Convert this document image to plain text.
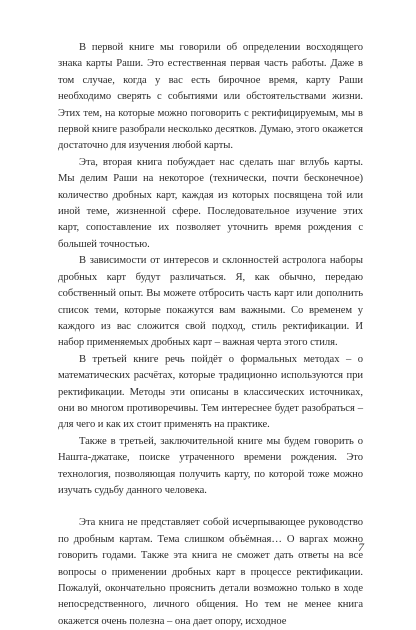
В первой книге мы говорили об определении восходящего знака карты Раши. Это естественная первая часть работы. Даже в том случае, когда у вас есть бирочное время, карту Раши необходимо сверять с событиями или обстоятельствами жизни. Этих тем, на которые можно поговорить с ректифицируемым, мы в первой книге разобрали несколько десятков. Думаю, этого окажется достаточно для изучения любой карты.

Эта, вторая книга побуждает нас сделать шаг вглубь карты. Мы делим Раши на некоторое (технически, почти бесконечное) количество дробных карт, каждая из которых посвящена той или иной теме, жизненной сфере. Последовательное изучение этих карт, сопоставление их позволяет уточнить время рождения с большей точностью.

В зависимости от интересов и склонностей астролога наборы дробных карт будут различаться. Я, как обычно, передаю собственный опыт. Вы можете отбросить часть карт или дополнить список теми, которые покажутся вам важными. Со временем у каждого из вас сложится свой подход, стиль ректификации. И набор применяемых дробных карт – важная черта этого стиля.

В третьей книге речь пойдёт о формальных методах – о математических расчётах, которые традиционно используются при ректификации. Методы эти описаны в классических источниках, они во многом противоречивы. Тем интереснее будет разобраться – для чего и как их стоит применять на практике.

Также в третьей, заключительной книге мы будем говорить о Нашта-джатаке, поиске утраченного времени рождения. Это технология, позволяющая получить карту, по которой тоже можно изучать судьбу данного человека.

Эта книга не представляет собой исчерпывающее руководство по дробным картам. Тема слишком объёмная… О варгах можно говорить годами. Также эта книга не сможет дать ответы на все вопросы о применении дробных карт в процессе ректификации. Пожалуй, окончательно прояснить детали возможно только в ходе непосредственного, личного общения. Но тем не менее книга окажется очень полезна – она дает опору, исходное

7
